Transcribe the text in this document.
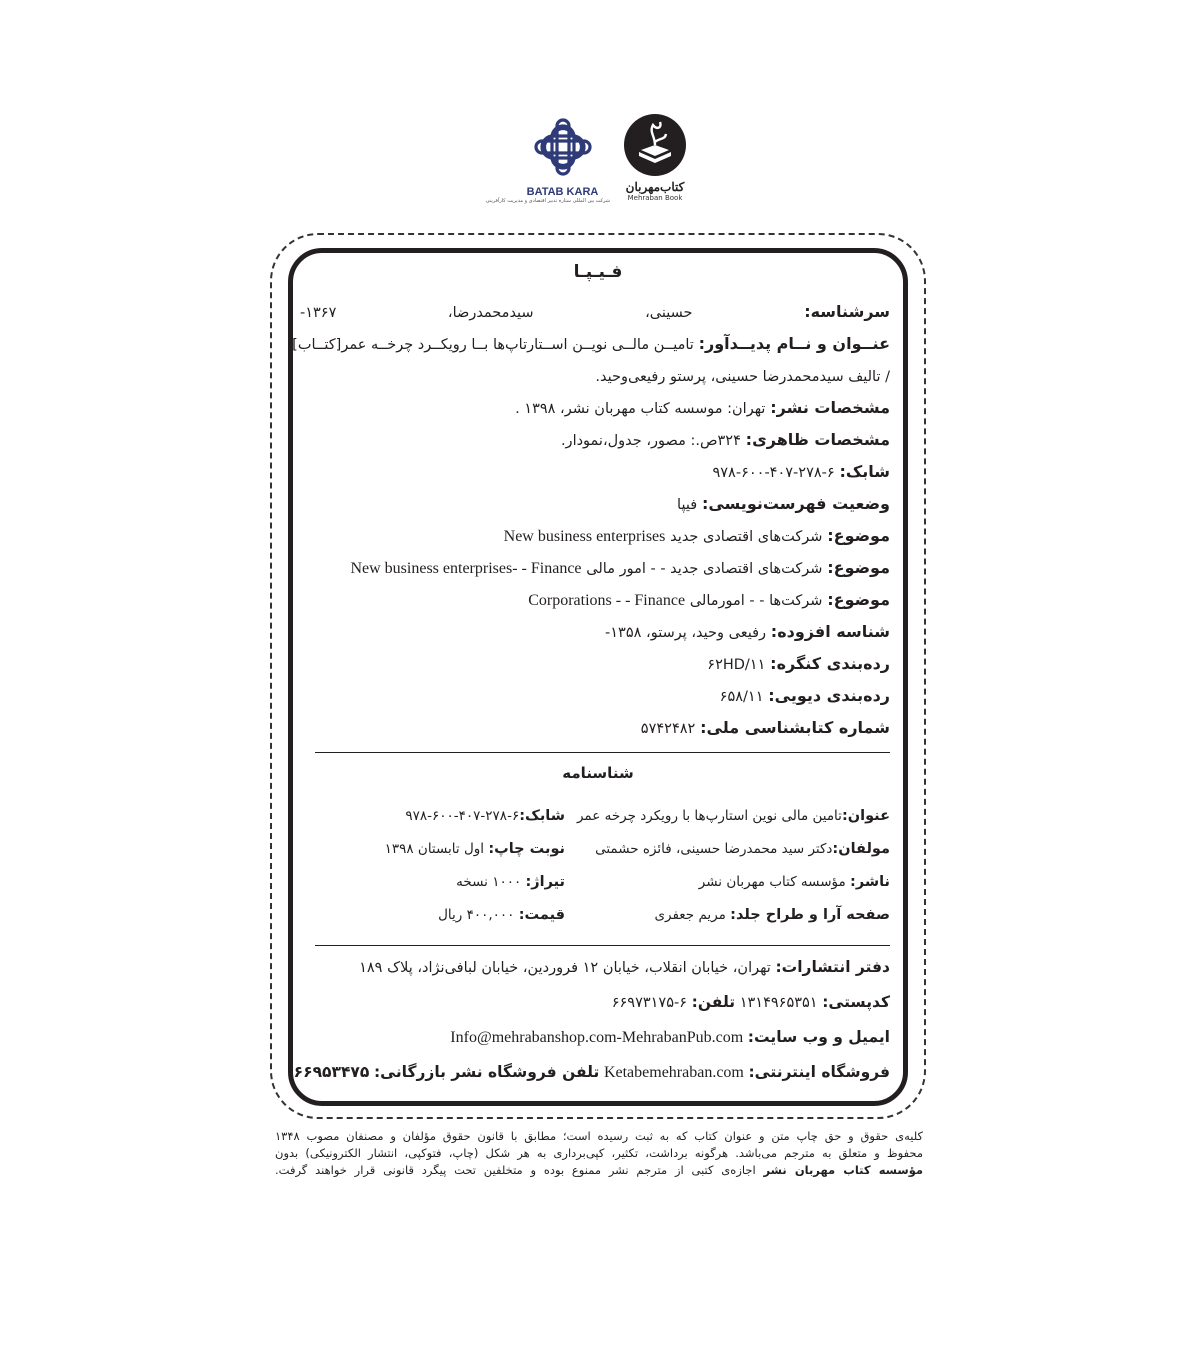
BATAB KARA
شرکت بین المللی ستاره تدبیر اقتصادی و مدیریت کارآفرینی
کتاب‌مهربان
Mehraban Book
فـیـپـا
سرشناسه: حسینی، سیدمحمدرضا، ۱۳۶۷-
عنــوان و نــام پدیــدآور: تامیــن مالــی نویــن اســتارتاپ‌ها بــا رویکــرد چرخــه عمر[کتــاب]
/ تالیف سیدمحمدرضا حسینی، پرستو رفیعی‌وحید.
مشخصات نشر: تهران: موسسه کتاب مهربان نشر، ۱۳۹۸ .
مشخصات ظاهری: ۳۲۴ص.: مصور، جدول،نمودار.
شابک: ۶-۲۷۸-۴۰۷-۶۰۰-۹۷۸
وضعیت فهرست‌نویسی: فیپا
موضوع: شرکت‌های اقتصادی جدید New business enterprises
موضوع: شرکت‌های اقتصادی جدید - - امور مالی New business enterprises- - Finance
موضوع: شرکت‌ها - - امورمالی Corporations - - Finance
شناسه افزوده: رفیعی وحید، پرستو، ۱۳۵۸-
رده‌بندی کنگره: ۶۲HD/۱۱
رده‌بندی دیویی: ۶۵۸/۱۱
شماره کتابشناسی ملی: ۵۷۴۲۴۸۲
شناسنامه
عنوان:تامین مالی نوین استارپ‌ها با رویکرد چرخه عمر
شابک:۶-۲۷۸-۴۰۷-۶۰۰-۹۷۸
مولفان:دکتر سید محمدرضا حسینی، فائزه حشمتی
نوبت چاپ: اول تابستان ۱۳۹۸
ناشر: مؤسسه کتاب مهربان نشر
تیراژ: ۱۰۰۰ نسخه
صفحه آرا و طراح جلد: مریم جعفری
قیمت: ۴۰۰,۰۰۰ ریال
دفتر انتشارات: تهران، خیابان انقلاب، خیابان ۱۲ فروردین، خیابان لبافی‌نژاد، پلاک ۱۸۹
کدپستی: ۱۳۱۴۹۶۵۳۵۱ تلفن: ۶-۶۶۹۷۳۱۷۵
ایمیل و وب سایت: Info@mehrabanshop.com-MehrabanPub.com
فروشگاه اینترنتی: Ketabemehraban.com تلفن فروشگاه نشر بازرگانی: ۶۶۹۵۳۴۷۵
کلیه‌ی حقوق و حق چاپ متن و عنوان کتاب که به ثبت رسیده است؛ مطابق با قانون حقوق مؤلفان و مصنفان مصوب ۱۳۴۸
محفوظ و متعلق به مترجم می‌باشد. هرگونه برداشت، تکثیر، کپی‌برداری به هر شکل (چاپ، فتوکپی، انتشار الکترونیکی) بدون
مؤسسه کتاب مهربان نشر اجازه‌ی کتبی از مترجم نشر ممنوع بوده و متخلفین تحت پیگرد قانونی قرار خواهند گرفت.
